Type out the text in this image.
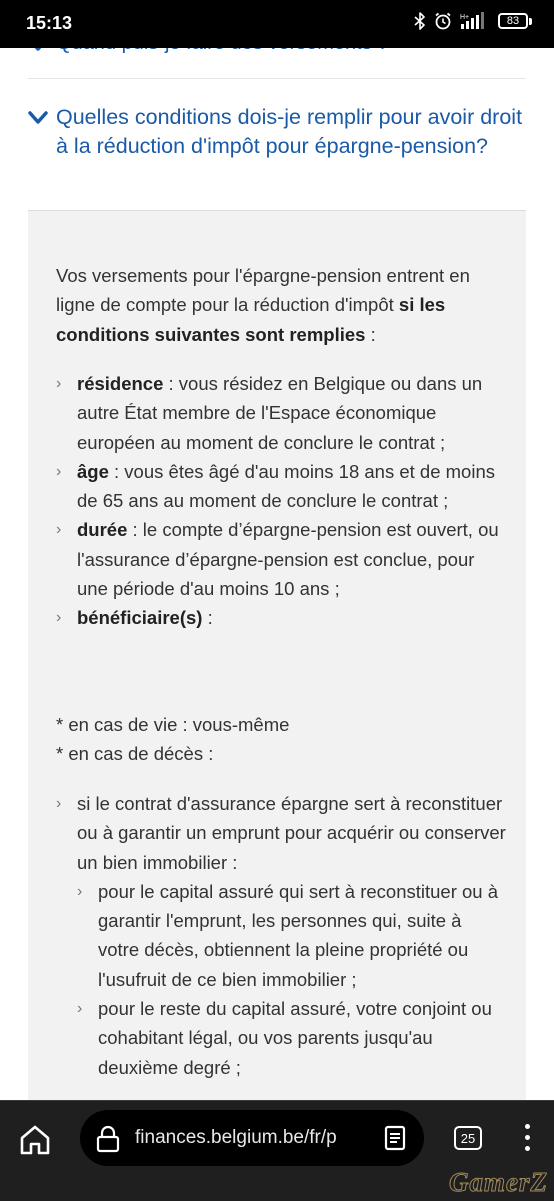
Quelles conditions dois-je remplir pour avoir droit à la réduction d'impôt pour épargne-pension?

Vos versements pour l'épargne-pension entrent en ligne de compte pour la réduction d'impôt si les conditions suivantes sont remplies :

› résidence : vous résidez en Belgique ou dans un autre État membre de l'Espace économique européen au moment de conclure le contrat ;
› âge : vous êtes âgé d'au moins 18 ans et de moins de 65 ans au moment de conclure le contrat ;
› durée : le compte d’épargne-pension est ouvert, ou l'assurance d’épargne-pension est conclue, pour une période d'au moins 10 ans ;
› bénéficiaire(s) :
* en cas de vie : vous-même
* en cas de décès :
› si le contrat d'assurance épargne sert à reconstituer ou à garantir un emprunt pour acquérir ou conserver un bien immobilier :
› pour le capital assuré qui sert à reconstituer ou à garantir l'emprunt, les personnes qui, suite à votre décès, obtiennent la pleine propriété ou l'usufruit de ce bien immobilier ;
› pour le reste du capital assuré, votre conjoint ou cohabitant légal, ou vos parents jusqu'au deuxième degré ;
15:13	H+	83
finances.belgium.be/fr/p	25
GamerZ
